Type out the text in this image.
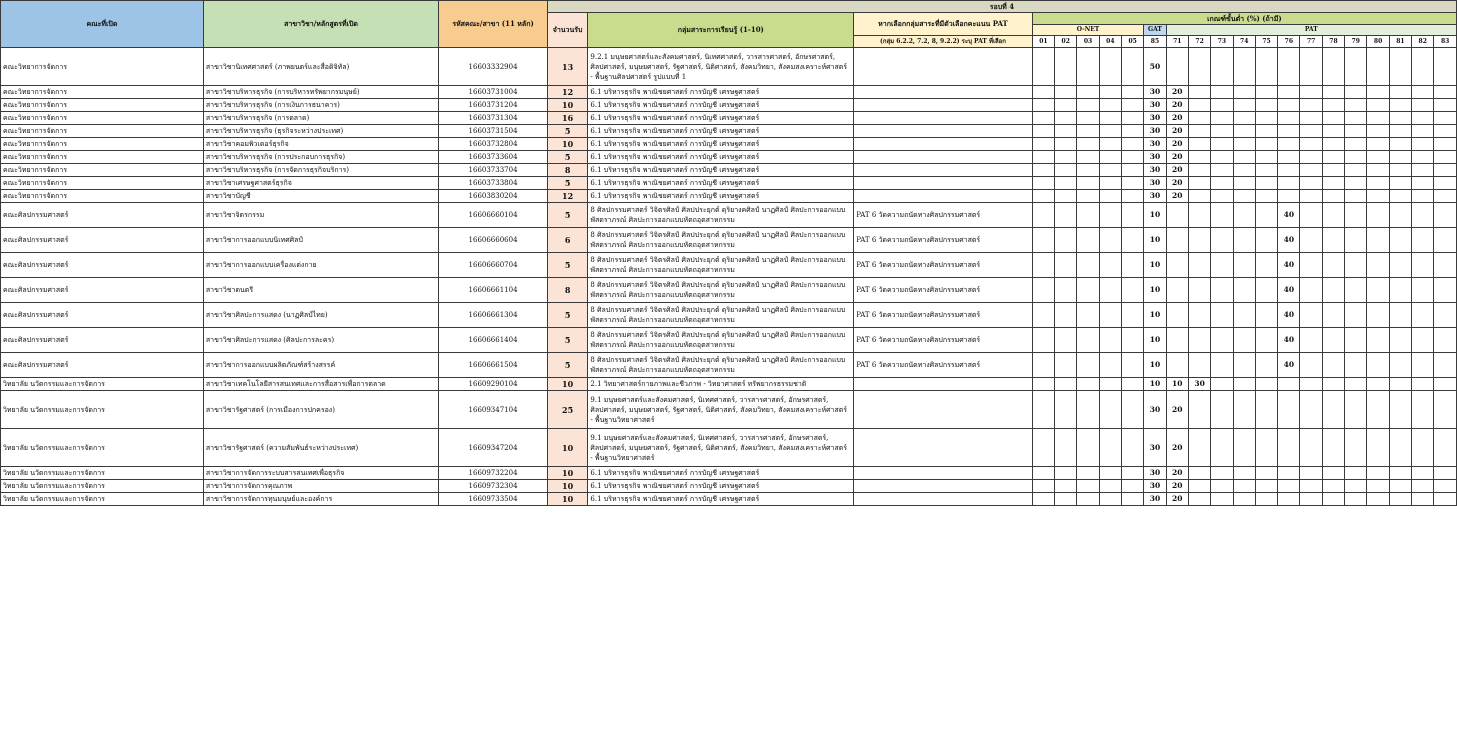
คณะที่เปิด	สาขาวิชา/หลักสูตรที่เปิด	รหัสคณะ/สาขา (11 หลัก)	รอบที่ 4																					
			จำนวนรับ	กลุ่มสาระการเรียนรู้ (1-10)	หากเลือกกลุ่มสาระที่มีตัวเลือกคะแนน PAT	เกณฑ์ขั้นต่ำ (%) (ถ้ามี)																		
						O-NET					GAT	PAT												
					(กลุ่ม 6.2.2, 7.2, 8, 9.2.2) ระบุ PAT ที่เลือก	01	02	03	04	05	85	71	72	73	74	75	76	77	78	79	80	81	82	83
คณะวิทยาการจัดการ	สาขาวิชานิเทศศาสตร์ (ภาพยนตร์และสื่อดิจิทัล)	16603332904	13	9.2.1 มนุษยศาสตร์และสังคมศาสตร์, นิเทศศาสตร์, วารสารศาสตร์, อักษรศาสตร์, ศิลปศาสตร์, มนุษยศาสตร์, รัฐศาสตร์, นิติศาสตร์, สังคมวิทยา, สังคมสงเคราะห์ศาสตร์ - พื้นฐานศิลปศาสตร์ รูปแบบที่ 1							50													
คณะวิทยาการจัดการ	สาขาวิชาบริหารธุรกิจ (การบริหารทรัพยากรมนุษย์)	16603731004	12	6.1 บริหารธุรกิจ พาณิชยศาสตร์ การบัญชี เศรษฐศาสตร์							30	20												
คณะวิทยาการจัดการ	สาขาวิชาบริหารธุรกิจ (การเงินการธนาคาร)	16603731204	10	6.1 บริหารธุรกิจ พาณิชยศาสตร์ การบัญชี เศรษฐศาสตร์							30	20												
คณะวิทยาการจัดการ	สาขาวิชาบริหารธุรกิจ (การตลาด)	16603731304	16	6.1 บริหารธุรกิจ พาณิชยศาสตร์ การบัญชี เศรษฐศาสตร์							30	20												
คณะวิทยาการจัดการ	สาขาวิชาบริหารธุรกิจ (ธุรกิจระหว่างประเทศ)	16603731504	5	6.1 บริหารธุรกิจ พาณิชยศาสตร์ การบัญชี เศรษฐศาสตร์							30	20												
คณะวิทยาการจัดการ	สาขาวิชาคอมพิวเตอร์ธุรกิจ	16603732804	10	6.1 บริหารธุรกิจ พาณิชยศาสตร์ การบัญชี เศรษฐศาสตร์							30	20												
คณะวิทยาการจัดการ	สาขาวิชาบริหารธุรกิจ (การประกอบการธุรกิจ)	16603733604	5	6.1 บริหารธุรกิจ พาณิชยศาสตร์ การบัญชี เศรษฐศาสตร์							30	20												
คณะวิทยาการจัดการ	สาขาวิชาบริหารธุรกิจ (การจัดการธุรกิจบริการ)	16603733704	8	6.1 บริหารธุรกิจ พาณิชยศาสตร์ การบัญชี เศรษฐศาสตร์							30	20												
คณะวิทยาการจัดการ	สาขาวิชาเศรษฐศาสตร์ธุรกิจ	16603733804	5	6.1 บริหารธุรกิจ พาณิชยศาสตร์ การบัญชี เศรษฐศาสตร์							30	20												
คณะวิทยาการจัดการ	สาขาวิชาบัญชี	16603830204	12	6.1 บริหารธุรกิจ พาณิชยศาสตร์ การบัญชี เศรษฐศาสตร์							30	20												
คณะศิลปกรรมศาสตร์	สาขาวิชาจิตรกรรม	16606660104	5	8 ศิลปกรรมศาสตร์ วิจิตรศิลป์ ศิลปประยุกต์ ดุริยางคศิลป์ นาฏศิลป์ ศิลปะการออกแบบพัสตราภรณ์ ศิลปะการออกแบบหัตถอุตสาหกรรม	PAT 6 วัดความถนัดทางศิลปกรรมศาสตร์						10						40							
คณะศิลปกรรมศาสตร์	สาขาวิชาการออกแบบนิเทศศิลป์	16606660604	6	8 ศิลปกรรมศาสตร์ วิจิตรศิลป์ ศิลปประยุกต์ ดุริยางคศิลป์ นาฏศิลป์ ศิลปะการออกแบบพัสตราภรณ์ ศิลปะการออกแบบหัตถอุตสาหกรรม	PAT 6 วัดความถนัดทางศิลปกรรมศาสตร์						10						40							
คณะศิลปกรรมศาสตร์	สาขาวิชาการออกแบบเครื่องแต่งกาย	16606660704	5	8 ศิลปกรรมศาสตร์ วิจิตรศิลป์ ศิลปประยุกต์ ดุริยางคศิลป์ นาฏศิลป์ ศิลปะการออกแบบพัสตราภรณ์ ศิลปะการออกแบบหัตถอุตสาหกรรม	PAT 6 วัดความถนัดทางศิลปกรรมศาสตร์						10						40							
คณะศิลปกรรมศาสตร์	สาขาวิชาดนตรี	16606661104	8	8 ศิลปกรรมศาสตร์ วิจิตรศิลป์ ศิลปประยุกต์ ดุริยางคศิลป์ นาฏศิลป์ ศิลปะการออกแบบพัสตราภรณ์ ศิลปะการออกแบบหัตถอุตสาหกรรม	PAT 6 วัดความถนัดทางศิลปกรรมศาสตร์						10						40							
คณะศิลปกรรมศาสตร์	สาขาวิชาศิลปะการแสดง (นาฏศิลป์ไทย)	16606661304	5	8 ศิลปกรรมศาสตร์ วิจิตรศิลป์ ศิลปประยุกต์ ดุริยางคศิลป์ นาฏศิลป์ ศิลปะการออกแบบพัสตราภรณ์ ศิลปะการออกแบบหัตถอุตสาหกรรม	PAT 6 วัดความถนัดทางศิลปกรรมศาสตร์						10						40							
คณะศิลปกรรมศาสตร์	สาขาวิชาศิลปะการแสดง (ศิลปะการละคร)	16606661404	5	8 ศิลปกรรมศาสตร์ วิจิตรศิลป์ ศิลปประยุกต์ ดุริยางคศิลป์ นาฏศิลป์ ศิลปะการออกแบบพัสตราภรณ์ ศิลปะการออกแบบหัตถอุตสาหกรรม	PAT 6 วัดความถนัดทางศิลปกรรมศาสตร์						10						40							
คณะศิลปกรรมศาสตร์	สาขาวิชาการออกแบบผลิตภัณฑ์สร้างสรรค์	16606661504	5	8 ศิลปกรรมศาสตร์ วิจิตรศิลป์ ศิลปประยุกต์ ดุริยางคศิลป์ นาฏศิลป์ ศิลปะการออกแบบพัสตราภรณ์ ศิลปะการออกแบบหัตถอุตสาหกรรม	PAT 6 วัดความถนัดทางศิลปกรรมศาสตร์						10						40							
วิทยาลัย นวัตกรรมและการจัดการ	สาขาวิชาเทคโนโลยีสารสนเทศและการสื่อสารเพื่อการตลาด	16609290104	10	2.1 วิทยาศาสตร์กายภาพและชีวภาพ - วิทยาศาสตร์ ทรัพยากรธรรมชาติ							10	10	30											
วิทยาลัย นวัตกรรมและการจัดการ	สาขาวิชารัฐศาสตร์ (การเมืองการปกครอง)	16609347104	25	9.1 มนุษยศาสตร์และสังคมศาสตร์, นิเทศศาสตร์, วารสารศาสตร์, อักษรศาสตร์, ศิลปศาสตร์, มนุษยศาสตร์, รัฐศาสตร์, นิติศาสตร์, สังคมวิทยา, สังคมสงเคราะห์ศาสตร์ - พื้นฐานวิทยาศาสตร์							30	20												
วิทยาลัย นวัตกรรมและการจัดการ	สาขาวิชารัฐศาสตร์ (ความสัมพันธ์ระหว่างประเทศ)	16609347204	10	9.1 มนุษยศาสตร์และสังคมศาสตร์, นิเทศศาสตร์, วารสารศาสตร์, อักษรศาสตร์, ศิลปศาสตร์, มนุษยศาสตร์, รัฐศาสตร์, นิติศาสตร์, สังคมวิทยา, สังคมสงเคราะห์ศาสตร์ - พื้นฐานวิทยาศาสตร์							30	20												
วิทยาลัย นวัตกรรมและการจัดการ	สาขาวิชาการจัดการระบบสารสนเทศเพื่อธุรกิจ	16609732204	10	6.1 บริหารธุรกิจ พาณิชยศาสตร์ การบัญชี เศรษฐศาสตร์							30	20												
วิทยาลัย นวัตกรรมและการจัดการ	สาขาวิชาการจัดการคุณภาพ	16609732304	10	6.1 บริหารธุรกิจ พาณิชยศาสตร์ การบัญชี เศรษฐศาสตร์							30	20												
วิทยาลัย นวัตกรรมและการจัดการ	สาขาวิชาการจัดการทุนมนุษย์และองค์การ	16609733504	10	6.1 บริหารธุรกิจ พาณิชยศาสตร์ การบัญชี เศรษฐศาสตร์							30	20												
